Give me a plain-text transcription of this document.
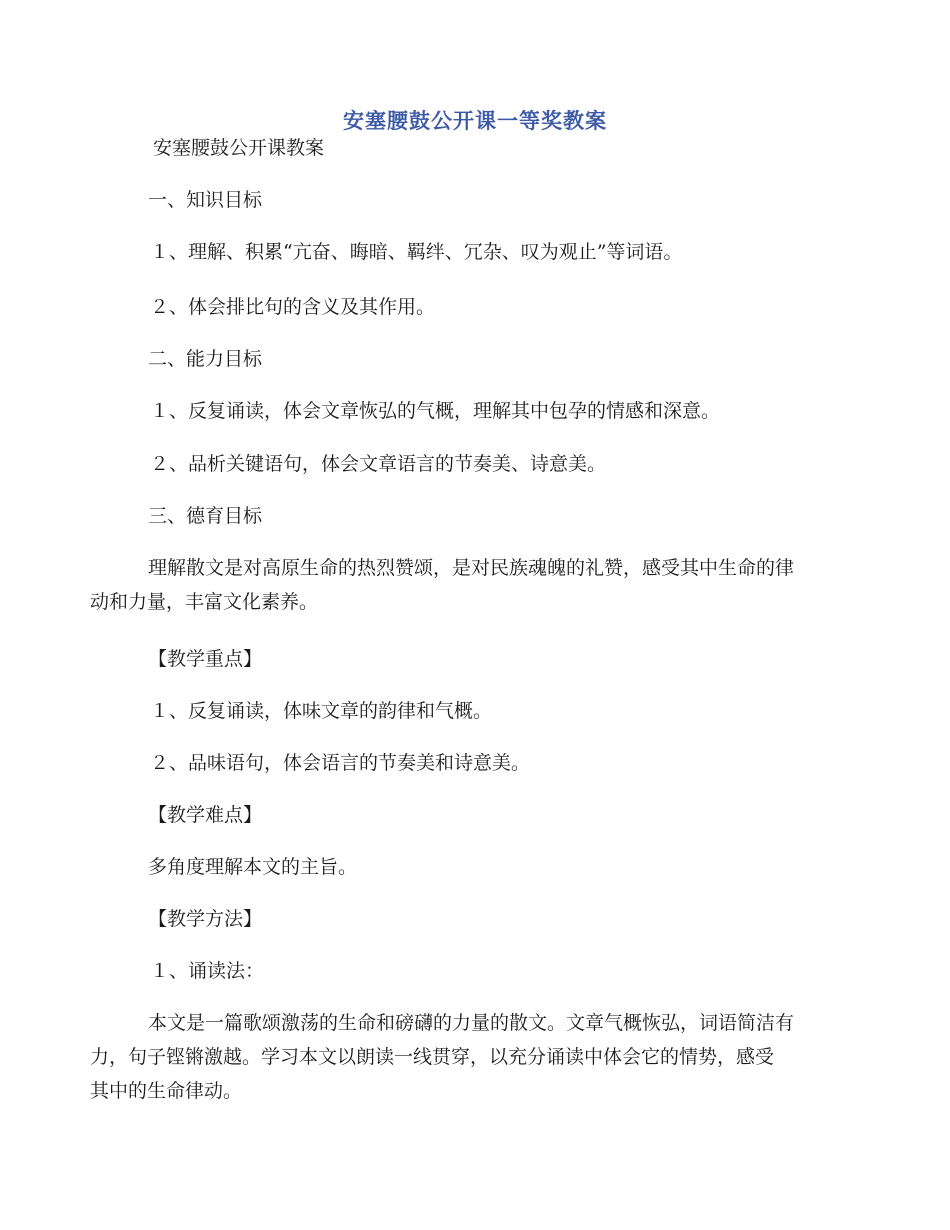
安塞腰鼓公开课一等奖教案
安塞腰鼓公开课教案
一、知识目标
１、理解、积累“亢奋、晦暗、羁绊、冗杂、叹为观止”等词语。
２、体会排比句的含义及其作用。
二、能力目标
１、反复诵读，体会文章恢弘的气概，理解其中包孕的情感和深意。
２、品析关键语句，体会文章语言的节奏美、诗意美。
三、德育目标
理解散文是对高原生命的热烈赞颂，是对民族魂魄的礼赞，感受其中生命的律
动和力量，丰富文化素养。
【教学重点】
１、反复诵读，体味文章的韵律和气概。
２、品味语句，体会语言的节奏美和诗意美。
【教学难点】
多角度理解本文的主旨。
【教学方法】
１、诵读法：
本文是一篇歌颂激荡的生命和磅礴的力量的散文。文章气概恢弘，词语简洁有
力，句子铿锵激越。学习本文以朗读一线贯穿，以充分诵读中体会它的情势，感受
其中的生命律动。
